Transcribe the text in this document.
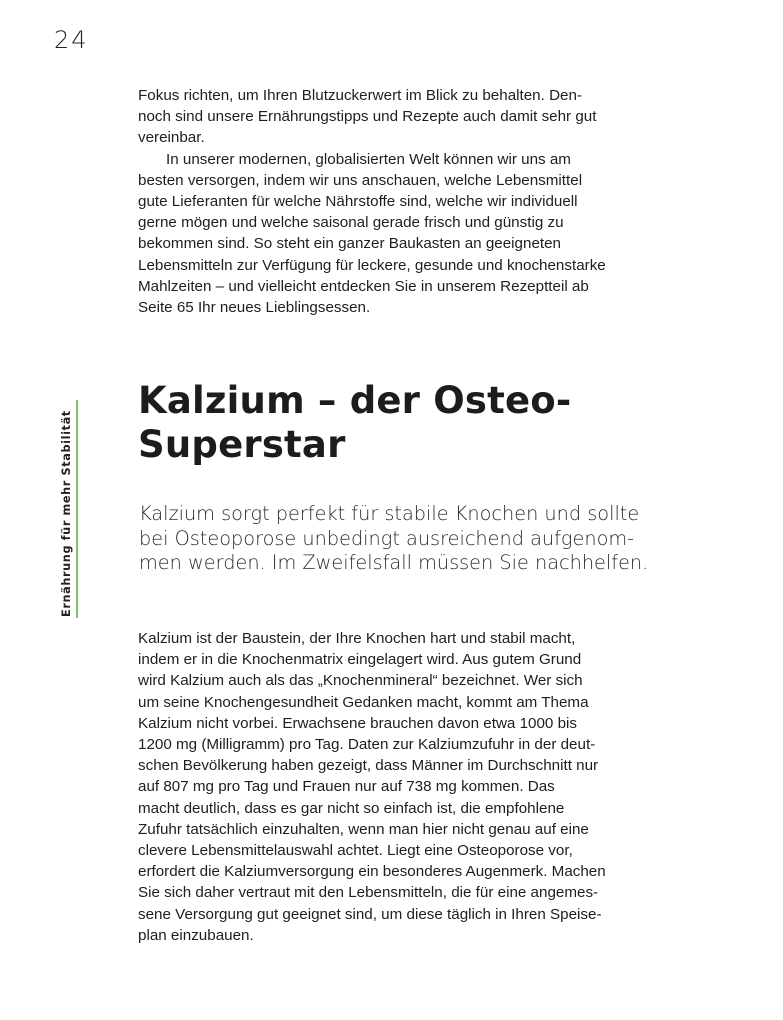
24
Fokus richten, um Ihren Blutzuckerwert im Blick zu behalten. Den-
noch sind unsere Ernährungstipps und Rezepte auch damit sehr gut
vereinbar.
In unserer modernen, globalisierten Welt können wir uns am
besten versorgen, indem wir uns anschauen, welche Lebensmittel
gute Lieferanten für welche Nährstoffe sind, welche wir individuell
gerne mögen und welche saisonal gerade frisch und günstig zu
bekommen sind. So steht ein ganzer Baukasten an geeigneten
Lebensmitteln zur Verfügung für leckere, gesunde und knochenstarke
Mahlzeiten – und vielleicht entdecken Sie in unserem Rezeptteil ab
Seite 65 Ihr neues Lieblingsessen.
Ernährung für mehr Stabilität
Kalzium – der Osteo-
Superstar
Kalzium sorgt perfekt für stabile Knochen und sollte
bei Osteoporose unbedingt ausreichend aufgenom-
men werden. Im Zweifelsfall müssen Sie nachhelfen.
Kalzium ist der Baustein, der Ihre Knochen hart und stabil macht,
indem er in die Knochenmatrix eingelagert wird. Aus gutem Grund
wird Kalzium auch als das „Knochenmineral“ bezeichnet. Wer sich
um seine Knochengesundheit Gedanken macht, kommt am Thema
Kalzium nicht vorbei. Erwachsene brauchen davon etwa 1000 bis
1200 mg (Milligramm) pro Tag. Daten zur Kalziumzufuhr in der deut-
schen Bevölkerung haben gezeigt, dass Männer im Durchschnitt nur
auf 807 mg pro Tag und Frauen nur auf 738 mg kommen. Das
macht deutlich, dass es gar nicht so einfach ist, die empfohlene
Zufuhr tatsächlich einzuhalten, wenn man hier nicht genau auf eine
clevere Lebensmittelauswahl achtet. Liegt eine Osteoporose vor,
erfordert die Kalziumversorgung ein besonderes Augenmerk. Machen
Sie sich daher vertraut mit den Lebensmitteln, die für eine angemes-
sene Versorgung gut geeignet sind, um diese täglich in Ihren Speise-
plan einzubauen.
